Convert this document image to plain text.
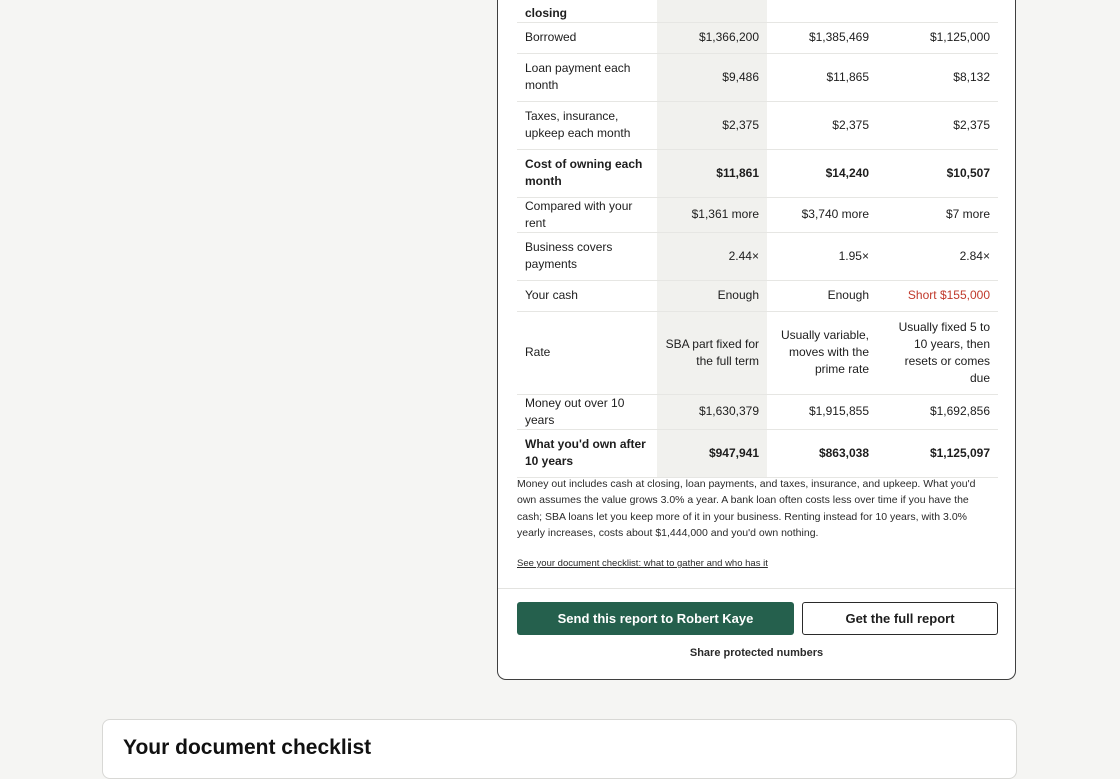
closing			
Borrowed	$1,366,200	$1,385,469	$1,125,000
Loan payment each month	$9,486	$11,865	$8,132
Taxes, insurance, upkeep each month	$2,375	$2,375	$2,375
Cost of owning each month	$11,861	$14,240	$10,507
Compared with your rent	$1,361 more	$3,740 more	$7 more
Business covers payments	2.44×	1.95×	2.84×
Your cash	Enough	Enough	Short $155,000
Rate	SBA part fixed for the full term	Usually variable, moves with the prime rate	Usually fixed 5 to 10 years, then resets or comes due
Money out over 10 years	$1,630,379	$1,915,855	$1,692,856
What you'd own after 10 years	$947,941	$863,038	$1,125,097

Money out includes cash at closing, loan payments, and taxes, insurance, and upkeep. What you'd own assumes the value grows 3.0% a year. A bank loan often costs less over time if you have the cash; SBA loans let you keep more of it in your business. Renting instead for 10 years, with 3.0% yearly increases, costs about $1,444,000 and you'd own nothing.

See your document checklist: what to gather and who has it
Send this report to Robert Kaye	Get the full report
Share protected numbers
Your document checklist
